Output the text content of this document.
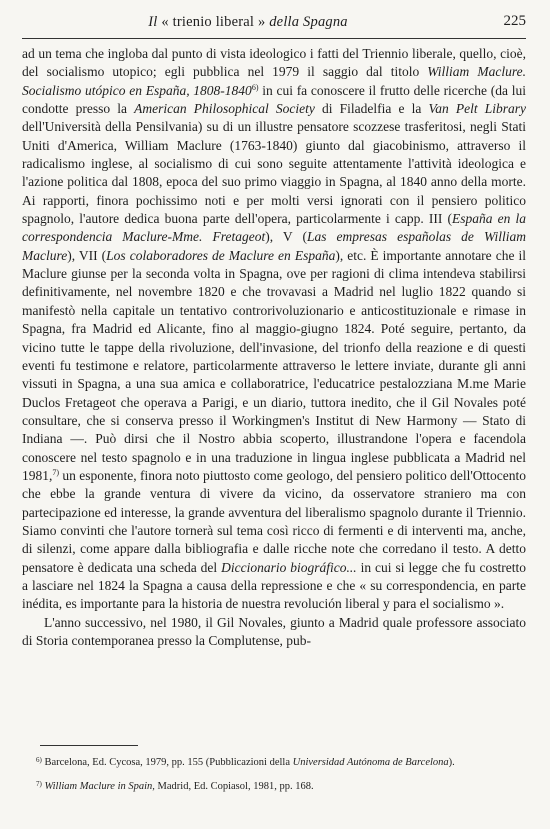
Il « trienio liberal » della Spagna	225

ad un tema che ingloba dal punto di vista ideologico i fatti del Triennio liberale, quello, cioè, del socialismo utopico; egli pubblica nel 1979 il saggio dal titolo William Maclure. Socialismo utópico en España, 1808-1840$^{6)}$ in cui fa conoscere il frutto delle ricerche (da lui condotte presso la American Philosophical Society di Filadelfia e la Van Pelt Library dell'Università della Pensilvania) su di un illustre pensatore scozzese trasferitosi, negli Stati Uniti d'America, William Maclure (1763-1840) giunto dal giacobinismo, attraverso il radicalismo inglese, al socialismo di cui sono seguite attentamente l'attività ideologica e l'azione politica dal 1808, epoca del suo primo viaggio in Spagna, al 1840 anno della morte. Ai rapporti, finora pochissimo noti e per molti versi ignorati con il pensiero politico spagnolo, l'autore dedica buona parte dell'opera, particolarmente i capp. III (España en la correspondencia Maclure-Mme. Fretageot), V (Las empresas españolas de William Maclure), VII (Los colaboradores de Maclure en España), etc. È importante annotare che il Maclure giunse per la seconda volta in Spagna, ove per ragioni di clima intendeva stabilirsi definitivamente, nel novembre 1820 e che trovavasi a Madrid nel luglio 1822 quando si manifestò nella capitale un tentativo controrivoluzionario e anticostituzionale e rimase in Spagna, fra Madrid ed Alicante, fino al maggio-giugno 1824. Poté seguire, pertanto, da vicino tutte le tappe della rivoluzione, dell'invasione, del trionfo della reazione e di questi eventi fu testimone e relatore, particolarmente attraverso le lettere inviate, durante gli anni vissuti in Spagna, a una sua amica e collaboratrice, l'educatrice pestalozziana M.me Marie Duclos Fretageot che operava a Parigi, e un diario, tuttora inedito, che il Gil Novales poté consultare, che si conserva presso il Workingmen's Institut di New Harmony — Stato di Indiana —. Può dirsi che il Nostro abbia scoperto, illustrandone l'opera e facendola conoscere nel testo spagnolo e in una traduzione in lingua inglese pubblicata a Madrid nel 1981,$^{7)}$ un esponente, finora noto piuttosto come geologo, del pensiero politico dell'Ottocento che ebbe la grande ventura di vivere da vicino, da osservatore straniero ma con partecipazione ed interesse, la grande avventura del liberalismo spagnolo durante il Triennio. Siamo convinti che l'autore tornerà sul tema così ricco di fermenti e di interventi ma, anche, di silenzi, come appare dalla bibliografia e dalle ricche note che corredano il testo. A detto pensatore è dedicata una scheda del Diccionario biográfico... in cui si legge che fu costretto a lasciare nel 1824 la Spagna a causa della repressione e che « su correspondencia, en parte inédita, es importante para la historia de nuestra revolución liberal y para el socialismo ».

L'anno successivo, nel 1980, il Gil Novales, giunto a Madrid quale professore associato di Storia contemporanea presso la Complutense, pub-

$^{6)}$ Barcelona, Ed. Cycosa, 1979, pp. 155 (Pubblicazioni della Universidad Autónoma de Barcelona).

$^{7)}$ William Maclure in Spain, Madrid, Ed. Copiasol, 1981, pp. 168.
